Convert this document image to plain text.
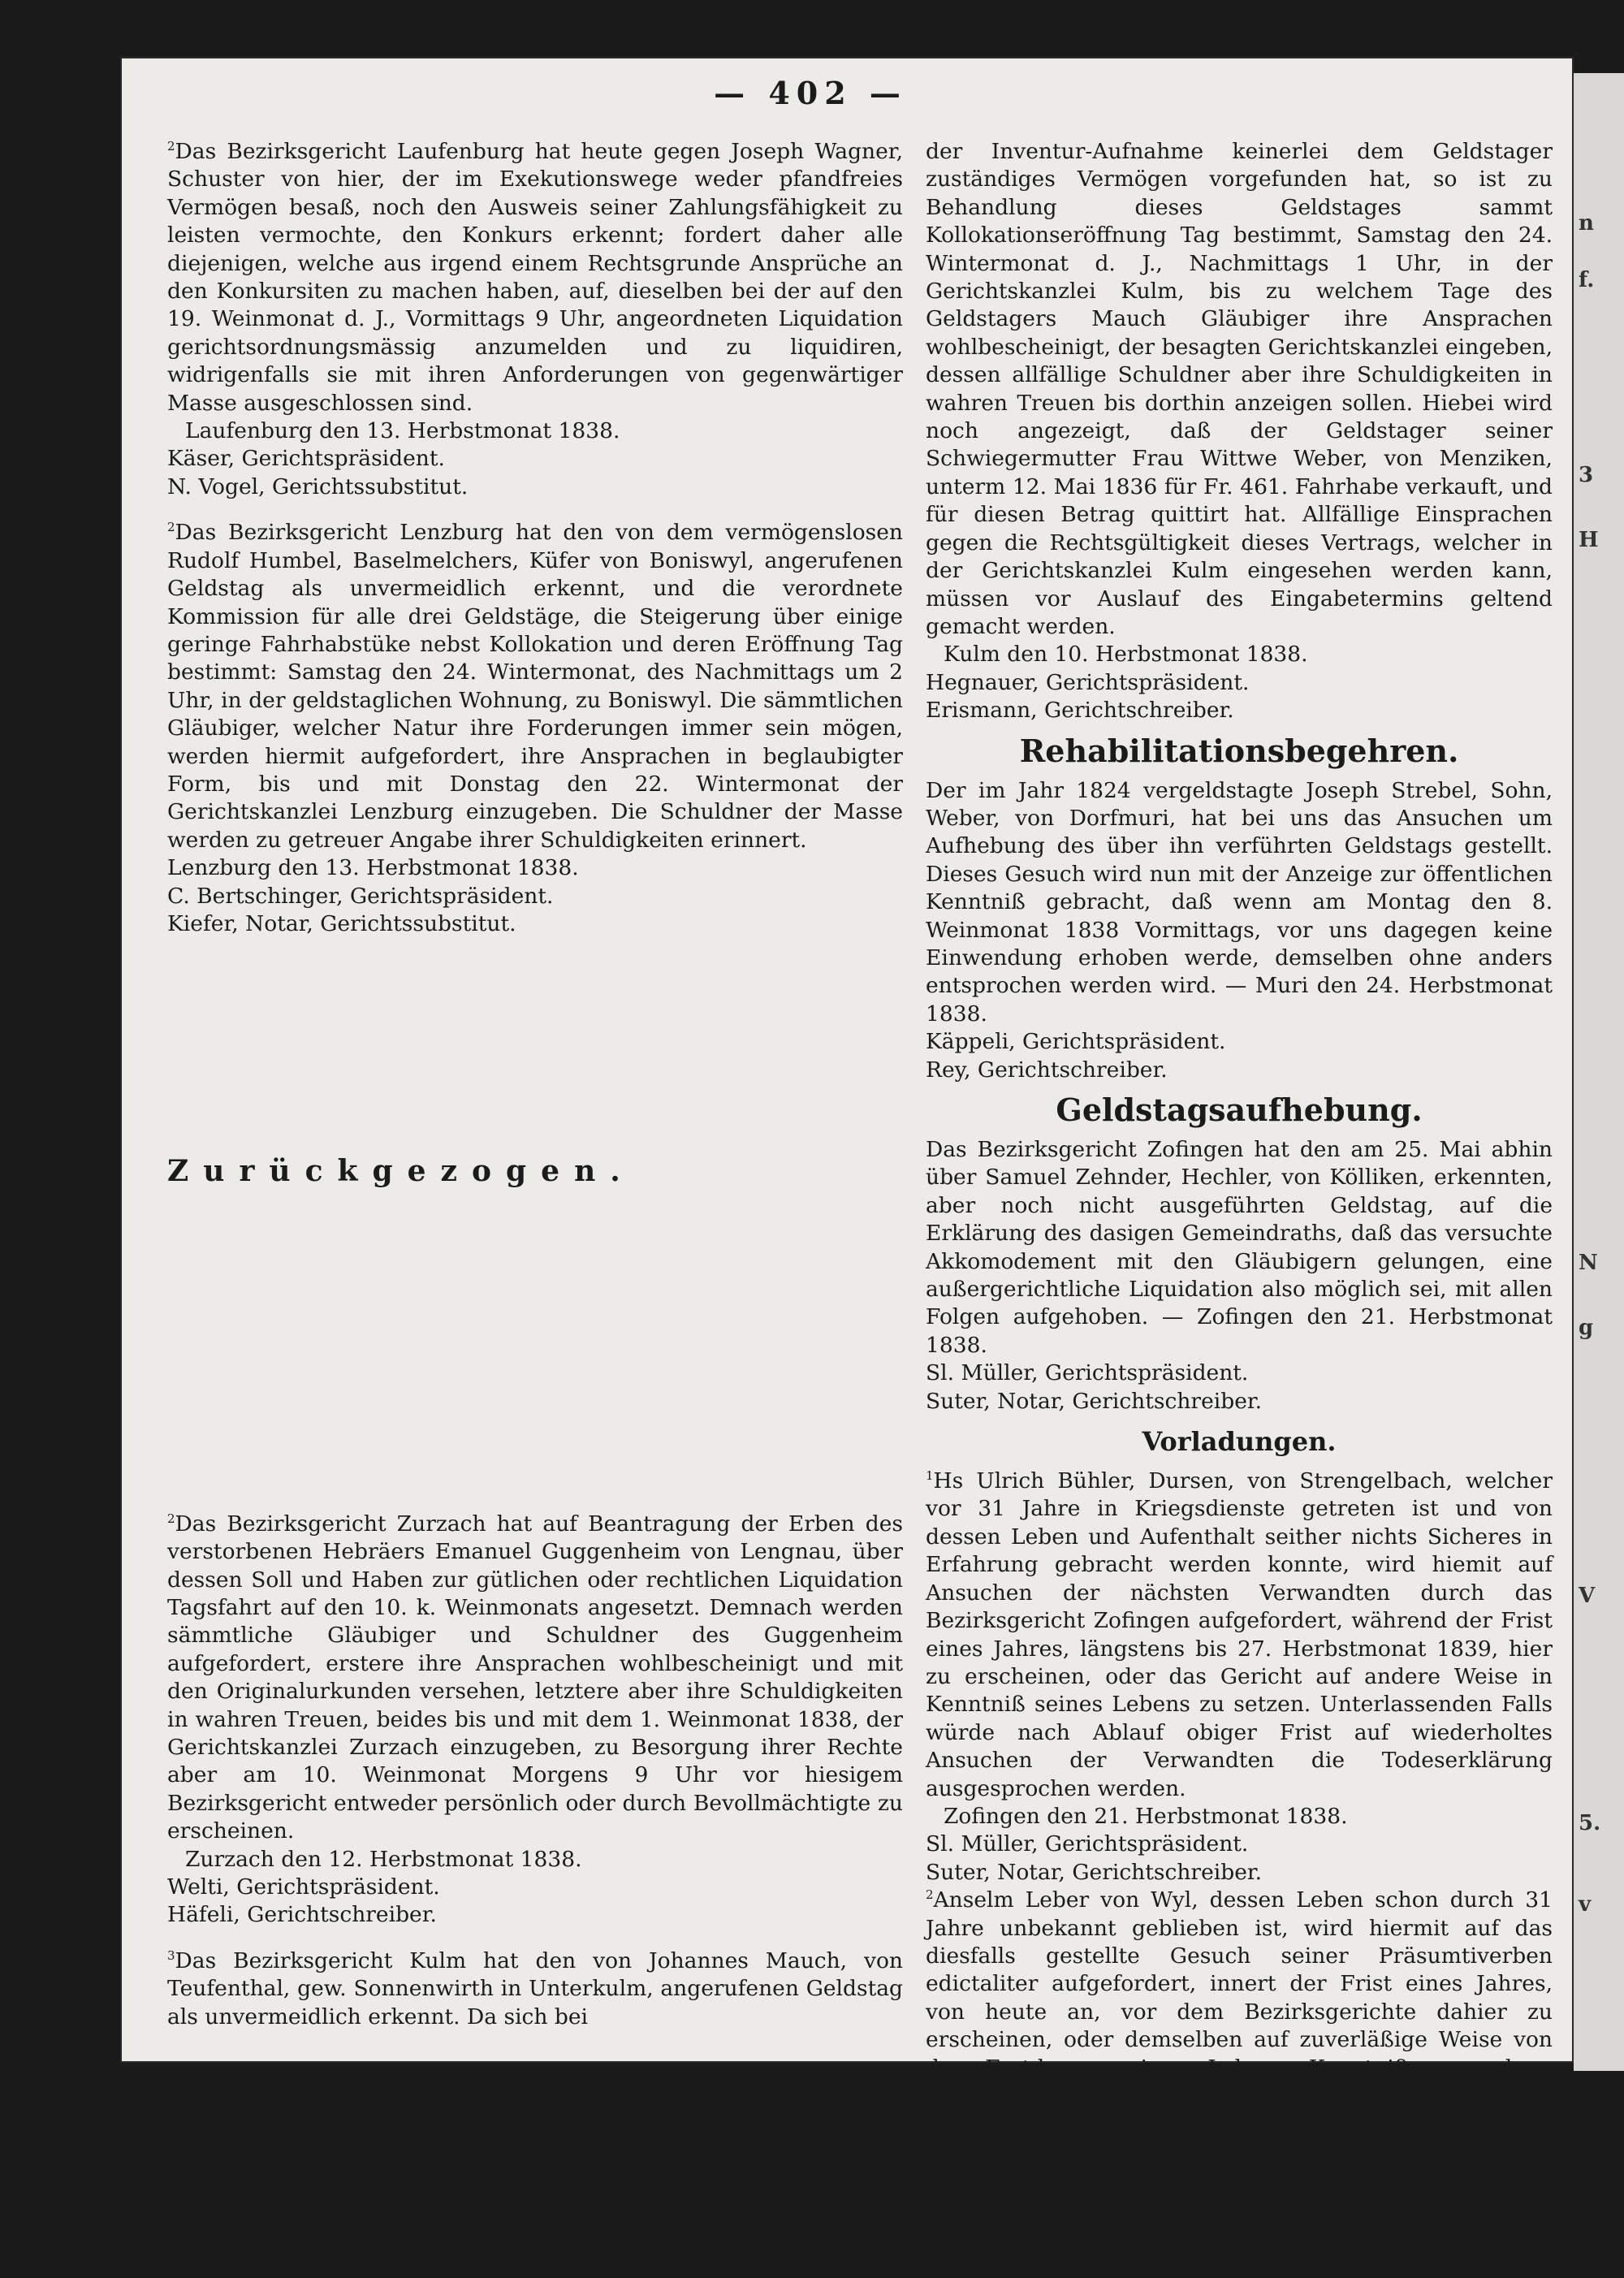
n
f.
3
H
N
g
V
5.
v
— 402 —

$^2$Das Bezirksgericht Laufenburg hat heute gegen Joseph Wagner, Schuster von hier, der im Exekutionswege weder pfandfreies Vermögen besaß, noch den Ausweis seiner Zahlungsfähigkeit zu leisten vermochte, den Konkurs erkennt; fordert daher alle diejenigen, welche aus irgend einem Rechtsgrunde Ansprüche an den Konkursiten zu machen haben, auf, dieselben bei der auf den 19. Weinmonat d. J., Vormittags 9 Uhr, angeordneten Liquidation gerichtsordnungsmässig anzumelden und zu liquidiren, widrigenfalls sie mit ihren Anforderungen von gegenwärtiger Masse ausgeschlossen sind.

Laufenburg den 13. Herbstmonat 1838.

Käser, Gerichtspräsident.

N. Vogel, Gerichtssubstitut.

$^2$Das Bezirksgericht Lenzburg hat den von dem vermögenslosen Rudolf Humbel, Baselmelchers, Küfer von Boniswyl, angerufenen Geldstag als unvermeidlich erkennt, und die verordnete Kommission für alle drei Geldstäge, die Steigerung über einige geringe Fahrhabstüke nebst Kollokation und deren Eröffnung Tag bestimmt: Samstag den 24. Wintermonat, des Nachmittags um 2 Uhr, in der geldstaglichen Wohnung, zu Boniswyl. Die sämmtlichen Gläubiger, welcher Natur ihre Forderungen immer sein mögen, werden hiermit aufgefordert, ihre Ansprachen in beglaubigter Form, bis und mit Donstag den 22. Wintermonat der Gerichtskanzlei Lenzburg einzugeben. Die Schuldner der Masse werden zu getreuer Angabe ihrer Schuldigkeiten erinnert.

Lenzburg den 13. Herbstmonat 1838.

C. Bertschinger, Gerichtspräsident.

Kiefer, Notar, Gerichtssubstitut.

Zurückgezogen.

$^2$Das Bezirksgericht Zurzach hat auf Beantragung der Erben des verstorbenen Hebräers Emanuel Guggenheim von Lengnau, über dessen Soll und Haben zur gütlichen oder rechtlichen Liquidation Tagsfahrt auf den 10. k. Weinmonats angesetzt. Demnach werden sämmtliche Gläubiger und Schuldner des Guggenheim aufgefordert, erstere ihre Ansprachen wohlbescheinigt und mit den Originalurkunden versehen, letztere aber ihre Schuldigkeiten in wahren Treuen, beides bis und mit dem 1. Weinmonat 1838, der Gerichtskanzlei Zurzach einzugeben, zu Besorgung ihrer Rechte aber am 10. Weinmonat Morgens 9 Uhr vor hiesigem Bezirksgericht entweder persönlich oder durch Bevollmächtigte zu erscheinen.

Zurzach den 12. Herbstmonat 1838.

Welti, Gerichtspräsident.

Häfeli, Gerichtschreiber.

$^3$Das Bezirksgericht Kulm hat den von Johannes Mauch, von Teufenthal, gew. Sonnenwirth in Unterkulm, angerufenen Geldstag als unvermeidlich erkennt. Da sich bei

der Inventur-Aufnahme keinerlei dem Geldstager zuständiges Vermögen vorgefunden hat, so ist zu Behandlung dieses Geldstages sammt Kollokationseröffnung Tag bestimmt, Samstag den 24. Wintermonat d. J., Nachmittags 1 Uhr, in der Gerichtskanzlei Kulm, bis zu welchem Tage des Geldstagers Mauch Gläubiger ihre Ansprachen wohlbescheinigt, der besagten Gerichtskanzlei eingeben, dessen allfällige Schuldner aber ihre Schuldigkeiten in wahren Treuen bis dorthin anzeigen sollen. Hiebei wird noch angezeigt, daß der Geldstager seiner Schwiegermutter Frau Wittwe Weber, von Menziken, unterm 12. Mai 1836 für Fr. 461. Fahrhabe verkauft, und für diesen Betrag quittirt hat. Allfällige Einsprachen gegen die Rechtsgültigkeit dieses Vertrags, welcher in der Gerichtskanzlei Kulm eingesehen werden kann, müssen vor Auslauf des Eingabetermins geltend gemacht werden.

Kulm den 10. Herbstmonat 1838.

Hegnauer, Gerichtspräsident.

Erismann, Gerichtschreiber.

Rehabilitationsbegehren.

Der im Jahr 1824 vergeldstagte Joseph Strebel, Sohn, Weber, von Dorfmuri, hat bei uns das Ansuchen um Aufhebung des über ihn verführten Geldstags gestellt. Dieses Gesuch wird nun mit der Anzeige zur öffentlichen Kenntniß gebracht, daß wenn am Montag den 8. Weinmonat 1838 Vormittags, vor uns dagegen keine Einwendung erhoben werde, demselben ohne anders entsprochen werden wird. — Muri den 24. Herbstmonat 1838.

Käppeli, Gerichtspräsident.

Rey, Gerichtschreiber.

Geldstagsaufhebung.

Das Bezirksgericht Zofingen hat den am 25. Mai abhin über Samuel Zehnder, Hechler, von Kölliken, erkennten, aber noch nicht ausgeführten Geldstag, auf die Erklärung des dasigen Gemeindraths, daß das versuchte Akkomodement mit den Gläubigern gelungen, eine außergerichtliche Liquidation also möglich sei, mit allen Folgen aufgehoben. — Zofingen den 21. Herbstmonat 1838.

Sl. Müller, Gerichtspräsident.

Suter, Notar, Gerichtschreiber.

Vorladungen.

$^1$Hs Ulrich Bühler, Dursen, von Strengelbach, welcher vor 31 Jahre in Kriegsdienste getreten ist und von dessen Leben und Aufenthalt seither nichts Sicheres in Erfahrung gebracht werden konnte, wird hiemit auf Ansuchen der nächsten Verwandten durch das Bezirksgericht Zofingen aufgefordert, während der Frist eines Jahres, längstens bis 27. Herbstmonat 1839, hier zu erscheinen, oder das Gericht auf andere Weise in Kenntniß seines Lebens zu setzen. Unterlassenden Falls würde nach Ablauf obiger Frist auf wiederholtes Ansuchen der Verwandten die Todeserklärung ausgesprochen werden.

Zofingen den 21. Herbstmonat 1838.

Sl. Müller, Gerichtspräsident.

Suter, Notar, Gerichtschreiber.

$^2$Anselm Leber von Wyl, dessen Leben schon durch 31 Jahre unbekannt geblieben ist, wird hiermit auf das diesfalls gestellte Gesuch seiner Präsumtiverben edictaliter aufgefordert, innert der Frist eines Jahres, von heute an, vor dem Bezirksgerichte dahier zu erscheinen, oder demselben auf zuverläßige Weise von der Fortdauer seines Lebens Kenntniß zu geben, widrigenfalls die Todeserklärung gegen ihn ausgesprochen werden wird.

Laufenburg den 13. Herbstmonat 1838.

Käser, Gerichtspräsident.

N. Vogel, Gerichtssubstitut.

$^2$Hans Rudolf Häfeli, von Gontenschwyl, welcher seine Ehefrau Maria geb. Haller, böslich verlassen hat,
